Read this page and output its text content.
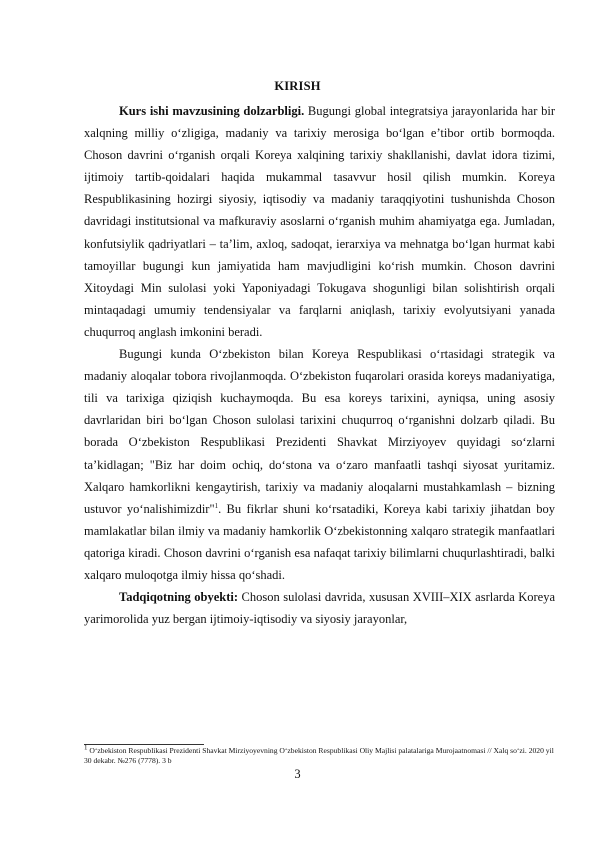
KIRISH

Kurs ishi mavzusining dolzarbligi. Bugungi global integratsiya jarayonlarida har bir xalqning milliy o‘zligiga, madaniy va tarixiy merosiga bo‘lgan e’tibor ortib bormoqda. Choson davrini o‘rganish orqali Koreya xalqining tarixiy shakllanishi, davlat idora tizimi, ijtimoiy tartib-qoidalari haqida mukammal tasavvur hosil qilish mumkin. Koreya Respublikasining hozirgi siyosiy, iqtisodiy va madaniy taraqqiyotini tushunishda Choson davridagi institutsional va mafkuraviy asoslarni o‘rganish muhim ahamiyatga ega. Jumladan, konfutsiylik qadriyatlari – ta’lim, axloq, sadoqat, ierarxiya va mehnatga bo‘lgan hurmat kabi tamoyillar bugungi kun jamiyatida ham mavjudligini ko‘rish mumkin. Choson davrini Xitoydagi Min sulolasi yoki Yaponiyadagi Tokugava shogunligi bilan solishtirish orqali mintaqadagi umumiy tendensiyalar va farqlarni aniqlash, tarixiy evolyutsiyani yanada chuqurroq anglash imkonini beradi.

Bugungi kunda O‘zbekiston bilan Koreya Respublikasi o‘rtasidagi strategik va madaniy aloqalar tobora rivojlanmoqda. O‘zbekiston fuqarolari orasida koreys madaniyatiga, tili va tarixiga qiziqish kuchaymoqda. Bu esa koreys tarixini, ayniqsa, uning asosiy davrlaridan biri bo‘lgan Choson sulolasi tarixini chuqurroq o‘rganishni dolzarb qiladi. Bu borada O‘zbekiston Respublikasi Prezidenti Shavkat Mirziyoyev quyidagi so‘zlarni ta’kidlagan; "Biz har doim ochiq, do‘stona va o‘zaro manfaatli tashqi siyosat yuritamiz. Xalqaro hamkorlikni kengaytirish, tarixiy va madaniy aloqalarni mustahkamlash – bizning ustuvor yo‘nalishimizdir"$^1$. Bu fikrlar shuni ko‘rsatadiki, Koreya kabi tarixiy jihatdan boy mamlakatlar bilan ilmiy va madaniy hamkorlik O‘zbekistonning xalqaro strategik manfaatlari qatoriga kiradi. Choson davrini o‘rganish esa nafaqat tarixiy bilimlarni chuqurlashtiradi, balki xalqaro muloqotga ilmiy hissa qo‘shadi.

Tadqiqotning obyekti: Choson sulolasi davrida, xususan XVIII–XIX asrlarda Koreya yarimorolida yuz bergan ijtimoiy-iqtisodiy va siyosiy jarayonlar,

$^1$ O‘zbekiston Respublikasi Prezidenti Shavkat Mirziyoyevning O‘zbekiston Respublikasi Oliy Majlisi palatalariga Murojaatnomasi // Xalq so‘zi. 2020 yil 30 dekabr. №276 (7778). 3 b
3
